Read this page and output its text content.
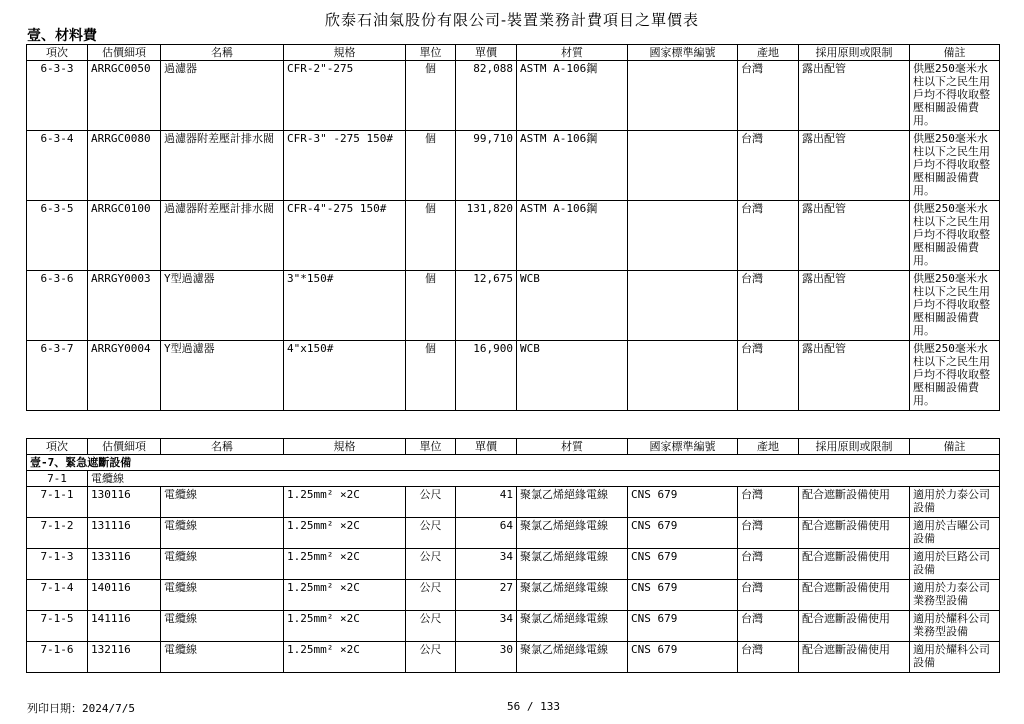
欣泰石油氣股份有限公司-裝置業務計費項目之單價表
壹、材料費
項次	估價細項	名稱	規格	單位	單價	材質	國家標準編號	產地	採用原則或限制	備註
6-3-3	ARRGC0050	過濾器	CFR-2"-275	個	82,088	ASTM A-106鋼		台灣	露出配管	供壓250毫米水柱以下之民生用戶均不得收取整壓相關設備費用。
6-3-4	ARRGC0080	過濾器附差壓計排水閥	CFR-3" -275 150#	個	99,710	ASTM A-106鋼		台灣	露出配管	供壓250毫米水柱以下之民生用戶均不得收取整壓相關設備費用。
6-3-5	ARRGC0100	過濾器附差壓計排水閥	CFR-4"-275 150#	個	131,820	ASTM A-106鋼		台灣	露出配管	供壓250毫米水柱以下之民生用戶均不得收取整壓相關設備費用。
6-3-6	ARRGY0003	Y型過濾器	3"*150#	個	12,675	WCB		台灣	露出配管	供壓250毫米水柱以下之民生用戶均不得收取整壓相關設備費用。
6-3-7	ARRGY0004	Y型過濾器	4"x150#	個	16,900	WCB		台灣	露出配管	供壓250毫米水柱以下之民生用戶均不得收取整壓相關設備費用。
項次	估價細項	名稱	規格	單位	單價	材質	國家標準編號	產地	採用原則或限制	備註
壹-7、緊急遮斷設備										
7-1	電纜線									
7-1-1	130116	電纜線	1.25mm² ×2C	公尺	41	聚氯乙烯絕緣電線	CNS 679	台灣	配合遮斷設備使用	適用於力泰公司設備
7-1-2	131116	電纜線	1.25mm² ×2C	公尺	64	聚氯乙烯絕緣電線	CNS 679	台灣	配合遮斷設備使用	適用於吉曜公司設備
7-1-3	133116	電纜線	1.25mm² ×2C	公尺	34	聚氯乙烯絕緣電線	CNS 679	台灣	配合遮斷設備使用	適用於巨路公司設備
7-1-4	140116	電纜線	1.25mm² ×2C	公尺	27	聚氯乙烯絕緣電線	CNS 679	台灣	配合遮斷設備使用	適用於力泰公司業務型設備
7-1-5	141116	電纜線	1.25mm² ×2C	公尺	34	聚氯乙烯絕緣電線	CNS 679	台灣	配合遮斷設備使用	適用於耀科公司業務型設備
7-1-6	132116	電纜線	1.25mm² ×2C	公尺	30	聚氯乙烯絕緣電線	CNS 679	台灣	配合遮斷設備使用	適用於耀科公司設備
列印日期：2024/7/5	56 / 133
